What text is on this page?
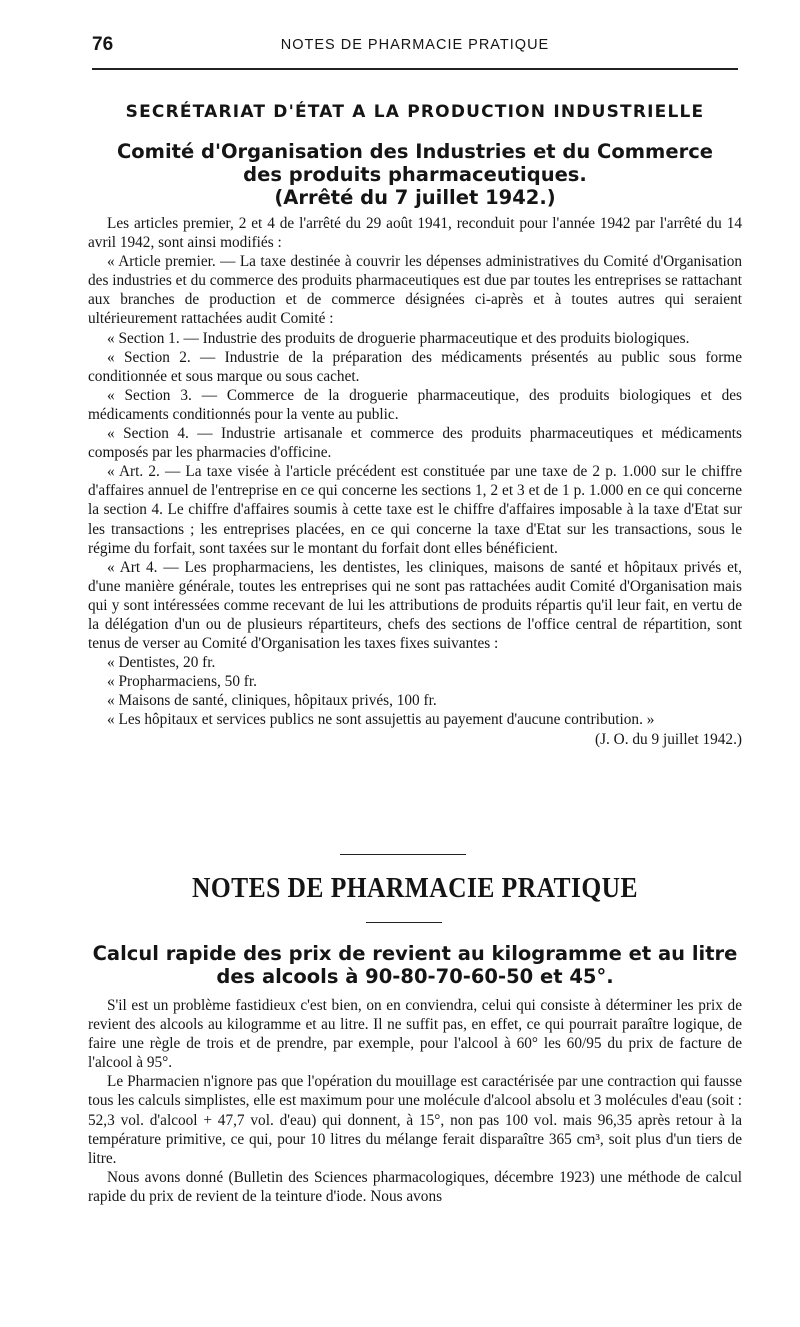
76	NOTES DE PHARMACIE PRATIQUE
SECRÉTARIAT D'ÉTAT A LA PRODUCTION INDUSTRIELLE
Comité d'Organisation des Industries et du Commerce
des produits pharmaceutiques.
(Arrêté du 7 juillet 1942.)

Les articles premier, 2 et 4 de l'arrêté du 29 août 1941, reconduit pour l'année 1942 par l'arrêté du 14 avril 1942, sont ainsi modifiés :

« Article premier. — La taxe destinée à couvrir les dépenses administratives du Comité d'Organisation des industries et du commerce des produits pharmaceutiques est due par toutes les entreprises se rattachant aux branches de production et de commerce désignées ci-après et à toutes autres qui seraient ultérieurement rattachées audit Comité :

« Section 1. — Industrie des produits de droguerie pharmaceutique et des produits biologiques.

« Section 2. — Industrie de la préparation des médicaments présentés au public sous forme conditionnée et sous marque ou sous cachet.

« Section 3. — Commerce de la droguerie pharmaceutique, des produits biologiques et des médicaments conditionnés pour la vente au public.

« Section 4. — Industrie artisanale et commerce des produits pharmaceutiques et médicaments composés par les pharmacies d'officine.

« Art. 2. — La taxe visée à l'article précédent est constituée par une taxe de 2 p. 1.000 sur le chiffre d'affaires annuel de l'entreprise en ce qui concerne les sections 1, 2 et 3 et de 1 p. 1.000 en ce qui concerne la section 4. Le chiffre d'affaires soumis à cette taxe est le chiffre d'affaires imposable à la taxe d'Etat sur les transactions ; les entreprises placées, en ce qui concerne la taxe d'Etat sur les transactions, sous le régime du forfait, sont taxées sur le montant du forfait dont elles bénéficient.

« Art 4. — Les propharmaciens, les dentistes, les cliniques, maisons de santé et hôpitaux privés et, d'une manière générale, toutes les entreprises qui ne sont pas rattachées audit Comité d'Organisation mais qui y sont intéressées comme recevant de lui les attributions de produits répartis qu'il leur fait, en vertu de la délégation d'un ou de plusieurs répartiteurs, chefs des sections de l'office central de répartition, sont tenus de verser au Comité d'Organisation les taxes fixes suivantes :

« Dentistes, 20 fr.

« Propharmaciens, 50 fr.

« Maisons de santé, cliniques, hôpitaux privés, 100 fr.

« Les hôpitaux et services publics ne sont assujettis au payement d'aucune contribution. »
(J. O. du 9 juillet 1942.)

NOTES DE PHARMACIE PRATIQUE
Calcul rapide des prix de revient au kilogramme et au litre
des alcools à 90-80-70-60-50 et 45°.

S'il est un problème fastidieux c'est bien, on en conviendra, celui qui consiste à déterminer les prix de revient des alcools au kilogramme et au litre. Il ne suffit pas, en effet, ce qui pourrait paraître logique, de faire une règle de trois et de prendre, par exemple, pour l'alcool à 60° les 60/95 du prix de facture de l'alcool à 95°.

Le Pharmacien n'ignore pas que l'opération du mouillage est caractérisée par une contraction qui fausse tous les calculs simplistes, elle est maximum pour une molécule d'alcool absolu et 3 molécules d'eau (soit : 52,3 vol. d'alcool + 47,7 vol. d'eau) qui donnent, à 15°, non pas 100 vol. mais 96,35 après retour à la température primitive, ce qui, pour 10 litres du mélange ferait disparaître 365 cm³, soit plus d'un tiers de litre.

Nous avons donné (Bulletin des Sciences pharmacologiques, décembre 1923) une méthode de calcul rapide du prix de revient de la teinture d'iode. Nous avons
